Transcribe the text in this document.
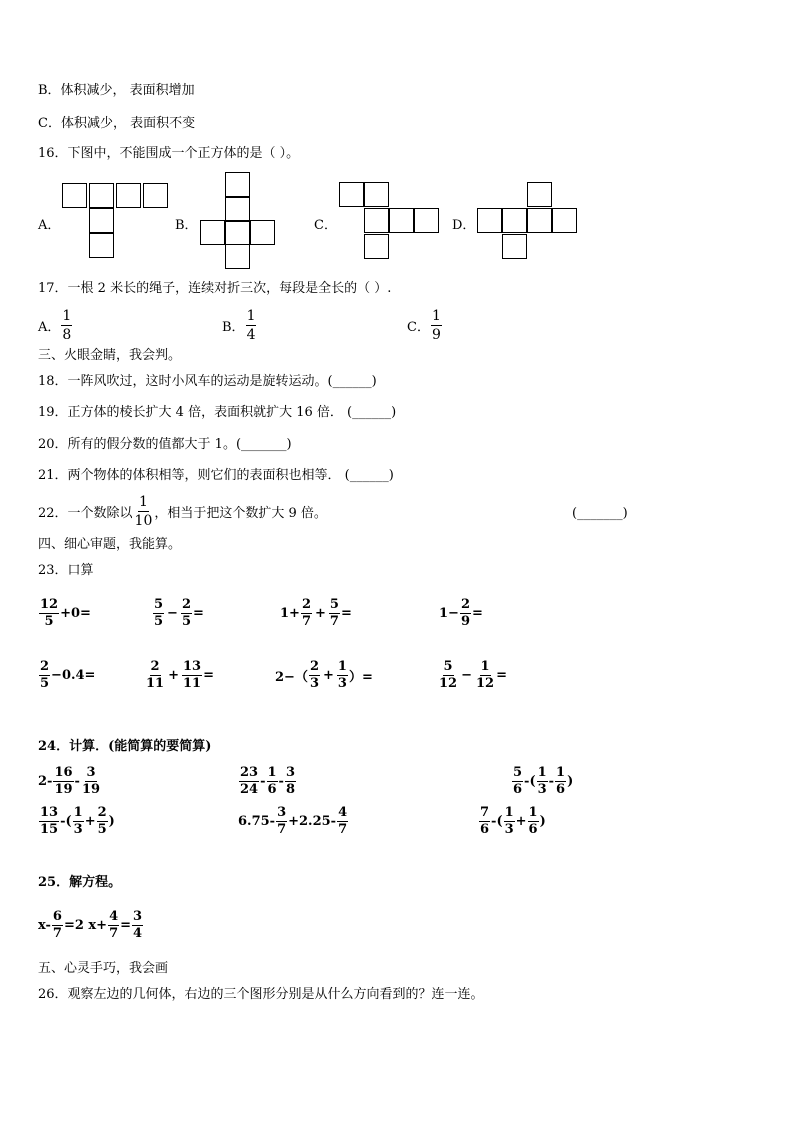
B．体积减少， 表面积增加
C．体积减少， 表面积不变
16．下图中，不能围成一个正方体的是（ ）。
A．	B．	C．	D．
17．一根 2 米长的绳子，连续对折三次，每段是全长的（ ）.
A． $\frac{1}{8}$	B． $\frac{1}{4}$	C． $\frac{1}{9}$
三、火眼金睛，我会判。
18．一阵风吹过，这时小风车的运动是旋转运动。(______)
19．正方体的棱长扩大 4 倍，表面积就扩大 16 倍． (______)
20．所有的假分数的值都大于 1。(_______)
21．两个物体的体积相等，则它们的表面积也相等． (______)
22．一个数除以 $\frac{1}{10}$ ，相当于把这个数扩大 9 倍。	(_______)
四、细心审题，我能算。
23．口算
$\frac{12}{5} +0=$	$\frac{5}{5} - \frac{2}{5}$ =	$1+ \frac{2}{7} + \frac{5}{7}$ =	$1- \frac{2}{9}$ =
$\frac{2}{5} -0.4=$	$\frac{2}{11} + \frac{13}{11}$ =	$2-( \frac{2}{3} + \frac{1}{3}$ ）=	$\frac{5}{12} - \frac{1}{12}$ =
24．计算．(能简算的要简算)
$2- \frac{16}{19} - \frac{3}{19}$	$\frac{23}{24} - \frac{1}{6} - \frac{3}{8}$	$\frac{5}{6}$ -( $\frac{1}{3} - \frac{1}{6}$ )
$\frac{13}{15}$ -( $\frac{1}{3} + \frac{2}{5}$ )	$6.75- \frac{3}{7} +2.25- \frac{4}{7}$	$\frac{7}{6}$ -( $\frac{1}{3} + \frac{1}{6}$ )
25．解方程。
$x- \frac{6}{7} =2$ $x+ \frac{4}{7} = \frac{3}{4}$
五、心灵手巧，我会画
26．观察左边的几何体，右边的三个图形分别是从什么方向看到的？连一连。
